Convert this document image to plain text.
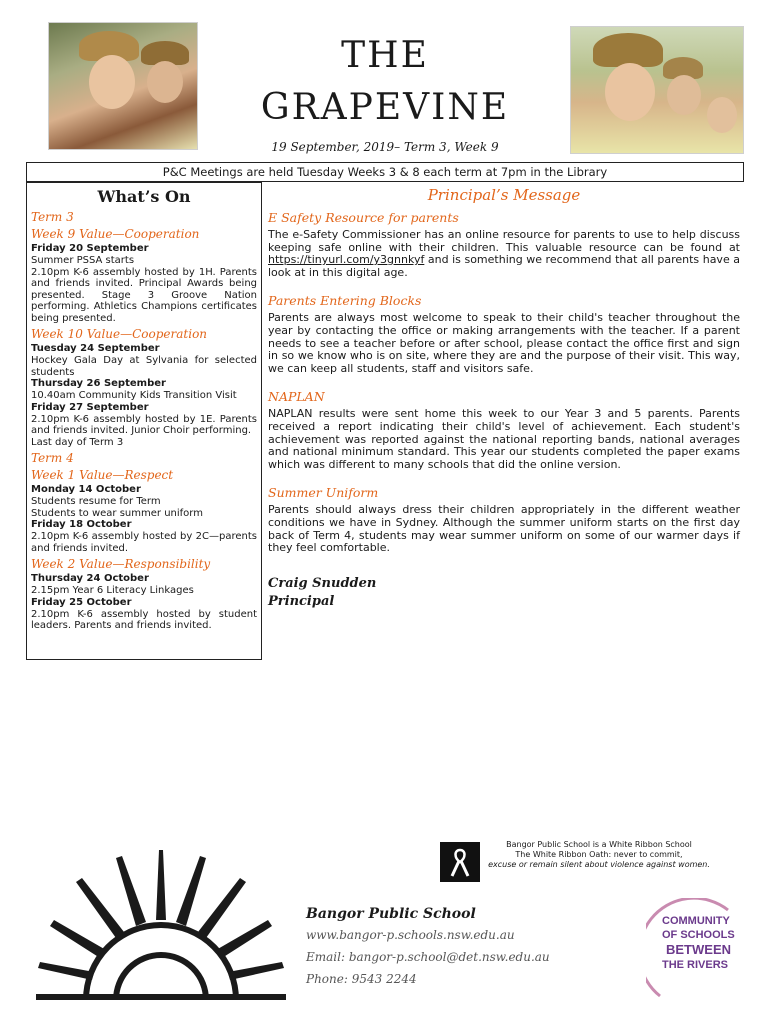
THE
GRAPEVINE
19 September, 2019– Term 3, Week 9
P&C Meetings are held Tuesday Weeks 3 & 8 each term at 7pm in the Library
What’s On
Term 3
Week 9 Value—Cooperation
Friday 20 September
Summer PSSA starts
2.10pm K-6 assembly hosted by 1H. Parents and friends invited. Principal Awards being presented. Stage 3 Groove Nation performing. Athletics Champions certificates being presented.
Week 10 Value—Cooperation
Tuesday 24 September
Hockey Gala Day at Sylvania for selected students
Thursday 26 September
10.40am Community Kids Transition Visit
Friday 27 September
2.10pm K-6 assembly hosted by 1E. Parents and friends invited. Junior Choir performing.
Last day of Term 3
Term 4
Week 1 Value—Respect
Monday 14 October
Students resume for Term
Students to wear summer uniform
Friday 18 October
2.10pm K-6 assembly hosted by 2C—parents and friends invited.
Week 2 Value—Responsibility
Thursday 24 October
2.15pm Year 6 Literacy Linkages
Friday 25 October
2.10pm K-6 assembly hosted by student leaders. Parents and friends invited.
Principal’s Message
E Safety Resource for parents
The e-Safety Commissioner has an online resource for parents to use to help discuss keeping safe online with their children. This valuable resource can be found at https://tinyurl.com/y3gnnkyf and is something we recommend that all parents have a look at in this digital age.
Parents Entering Blocks
Parents are always most welcome to speak to their child's teacher throughout the year by contacting the office or making arrangements with the teacher. If a parent needs to see a teacher before or after school, please contact the office first and sign in so we know who is on site, where they are and the purpose of their visit. This way, we can keep all students, staff and visitors safe.
NAPLAN
NAPLAN results were sent home this week to our Year 3 and 5 parents. Parents received a report indicating their child's level of achievement. Each student's achievement was reported against the national reporting bands, national averages and national minimum standard. This year our students completed the paper exams which was different to many schools that did the online version.
Summer Uniform
Parents should always dress their children appropriately in the different weather conditions we have in Sydney. Although the summer uniform starts on the first day back of Term 4, students may wear summer uniform on some of our warmer days if they feel comfortable.
Craig Snudden
Principal
Bangor Public School is a White Ribbon School
The White Ribbon Oath: never to commit,
excuse or remain silent about violence against women.
Bangor Public School
www.bangor-p.schools.nsw.edu.au
Email: bangor-p.school@det.nsw.edu.au
Phone: 9543 2244
COMMUNITY
OF SCHOOLS
BETWEEN
THE RIVERS
